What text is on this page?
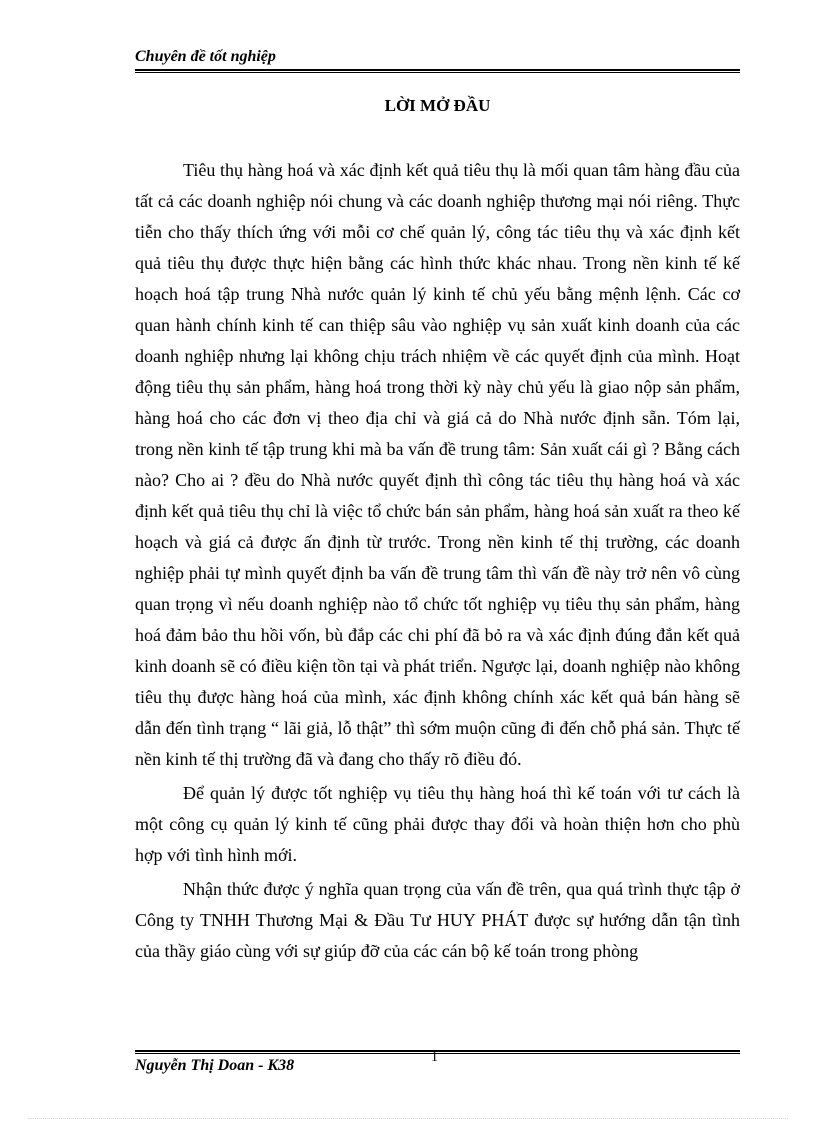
Chuyên đề tốt nghiệp
LỜI MỞ ĐẦU

Tiêu thụ hàng hoá và xác định kết quả tiêu thụ là mối quan tâm hàng đầu của tất cả các doanh nghiệp nói chung và các doanh nghiệp thương mại nói riêng. Thực tiễn cho thấy thích ứng với mỗi cơ chế quản lý, công tác tiêu thụ và xác định kết quả tiêu thụ được thực hiện bằng các hình thức khác nhau. Trong nền kinh tế kế hoạch hoá tập trung Nhà nước quản lý kinh tế chủ yếu bằng mệnh lệnh. Các cơ quan hành chính kinh tế can thiệp sâu vào nghiệp vụ sản xuất kinh doanh của các doanh nghiệp nhưng lại không chịu trách nhiệm về các quyết định của mình. Hoạt động tiêu thụ sản phẩm, hàng hoá trong thời kỳ này chủ yếu là giao nộp sản phẩm, hàng hoá cho các đơn vị theo địa chỉ và giá cả do Nhà nước định sẵn. Tóm lại, trong nền kinh tế tập trung khi mà ba vấn đề trung tâm: Sản xuất cái gì ? Bằng cách nào? Cho ai ? đều do Nhà nước quyết định thì công tác tiêu thụ hàng hoá và xác định kết quả tiêu thụ chỉ là việc tổ chức bán sản phẩm, hàng hoá sản xuất ra theo kế hoạch và giá cả được ấn định từ trước. Trong nền kinh tế thị trường, các doanh nghiệp phải tự mình quyết định ba vấn đề trung tâm thì vấn đề này trở nên vô cùng quan trọng vì nếu doanh nghiệp nào tổ chức tốt nghiệp vụ tiêu thụ sản phẩm, hàng hoá đảm bảo thu hồi vốn, bù đắp các chi phí đã bỏ ra và xác định đúng đắn kết quả kinh doanh sẽ có điều kiện tồn tại và phát triển. Ngược lại, doanh nghiệp nào không tiêu thụ được hàng hoá của mình, xác định không chính xác kết quả bán hàng sẽ dẫn đến tình trạng “ lãi giả, lỗ thật” thì sớm muộn cũng đi đến chỗ phá sản. Thực tế nền kinh tế thị trường đã và đang cho thấy rõ điều đó.

Để quản lý được tốt nghiệp vụ tiêu thụ hàng hoá thì kế toán với tư cách là một công cụ quản lý kinh tế cũng phải được thay đổi và hoàn thiện hơn cho phù hợp với tình hình mới.

Nhận thức được ý nghĩa quan trọng của vấn đề trên, qua quá trình thực tập ở Công ty TNHH Thương Mại & Đầu Tư HUY PHÁT được sự hướng dẫn tận tình của thầy giáo cùng với sự giúp đỡ của các cán bộ kế toán trong phòng

Nguyễn Thị Doan - K38	1
